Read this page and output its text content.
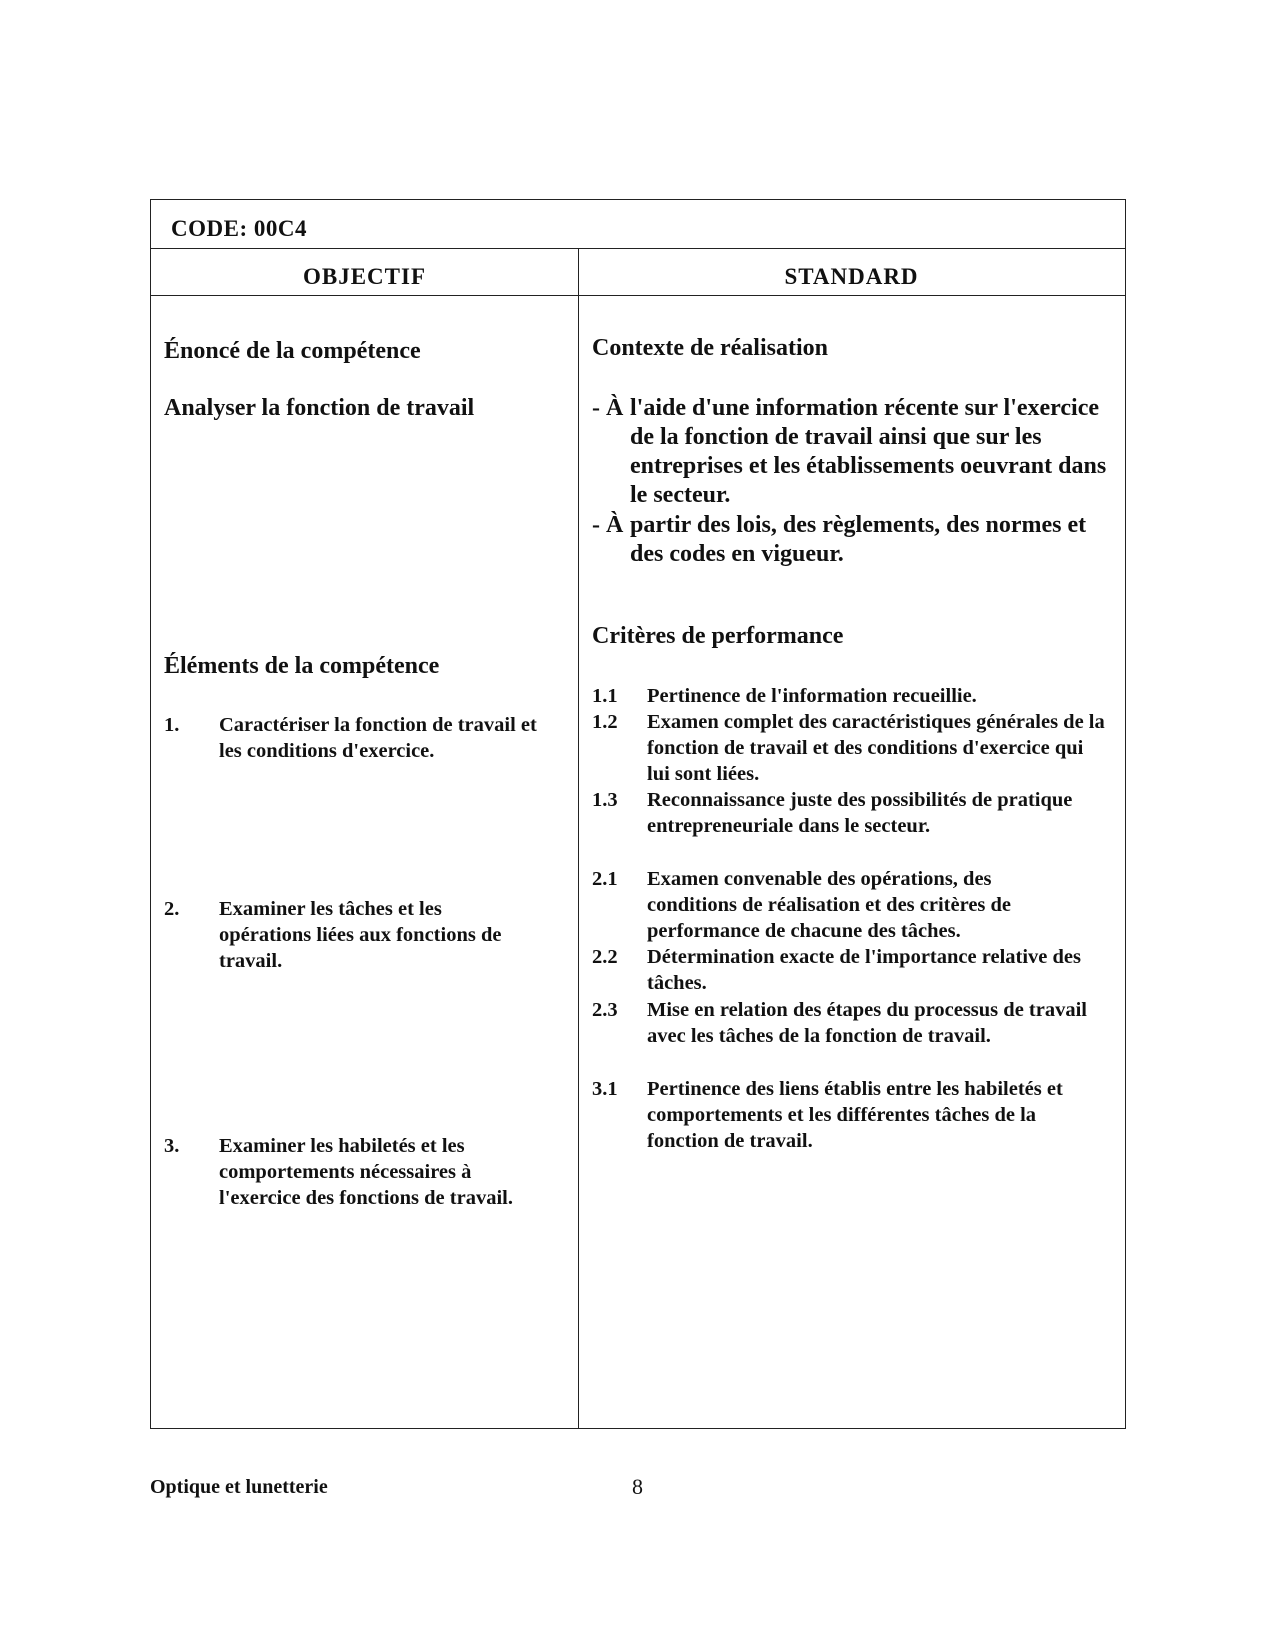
CODE: 00C4
OBJECTIF	STANDARD
Énoncé de la compétence
Analyser la fonction de travail
Éléments de la compétence
1. Caractériser la fonction de travail et les conditions d'exercice.
2. Examiner les tâches et les opérations liées aux fonctions de travail.
3. Examiner les habiletés et les comportements nécessaires à l'exercice des fonctions de travail.
Contexte de réalisation
- À l'aide d'une information récente sur l'exercice de la fonction de travail ainsi que sur les entreprises et les établissements oeuvrant dans le secteur.
- À partir des lois, des règlements, des normes et des codes en vigueur.
Critères de performance
1.1 Pertinence de l'information recueillie.
1.2 Examen complet des caractéristiques générales de la fonction de travail et des conditions d'exercice qui lui sont liées.
1.3 Reconnaissance juste des possibilités de pratique entrepreneuriale dans le secteur.
2.1 Examen convenable des opérations, des conditions de réalisation et des critères de performance de chacune des tâches.
2.2 Détermination exacte de l'importance relative des tâches.
2.3 Mise en relation des étapes du processus de travail avec les tâches de la fonction de travail.
3.1 Pertinence des liens établis entre les habiletés et comportements et les différentes tâches de la fonction de travail.
Optique et lunetterie	8
